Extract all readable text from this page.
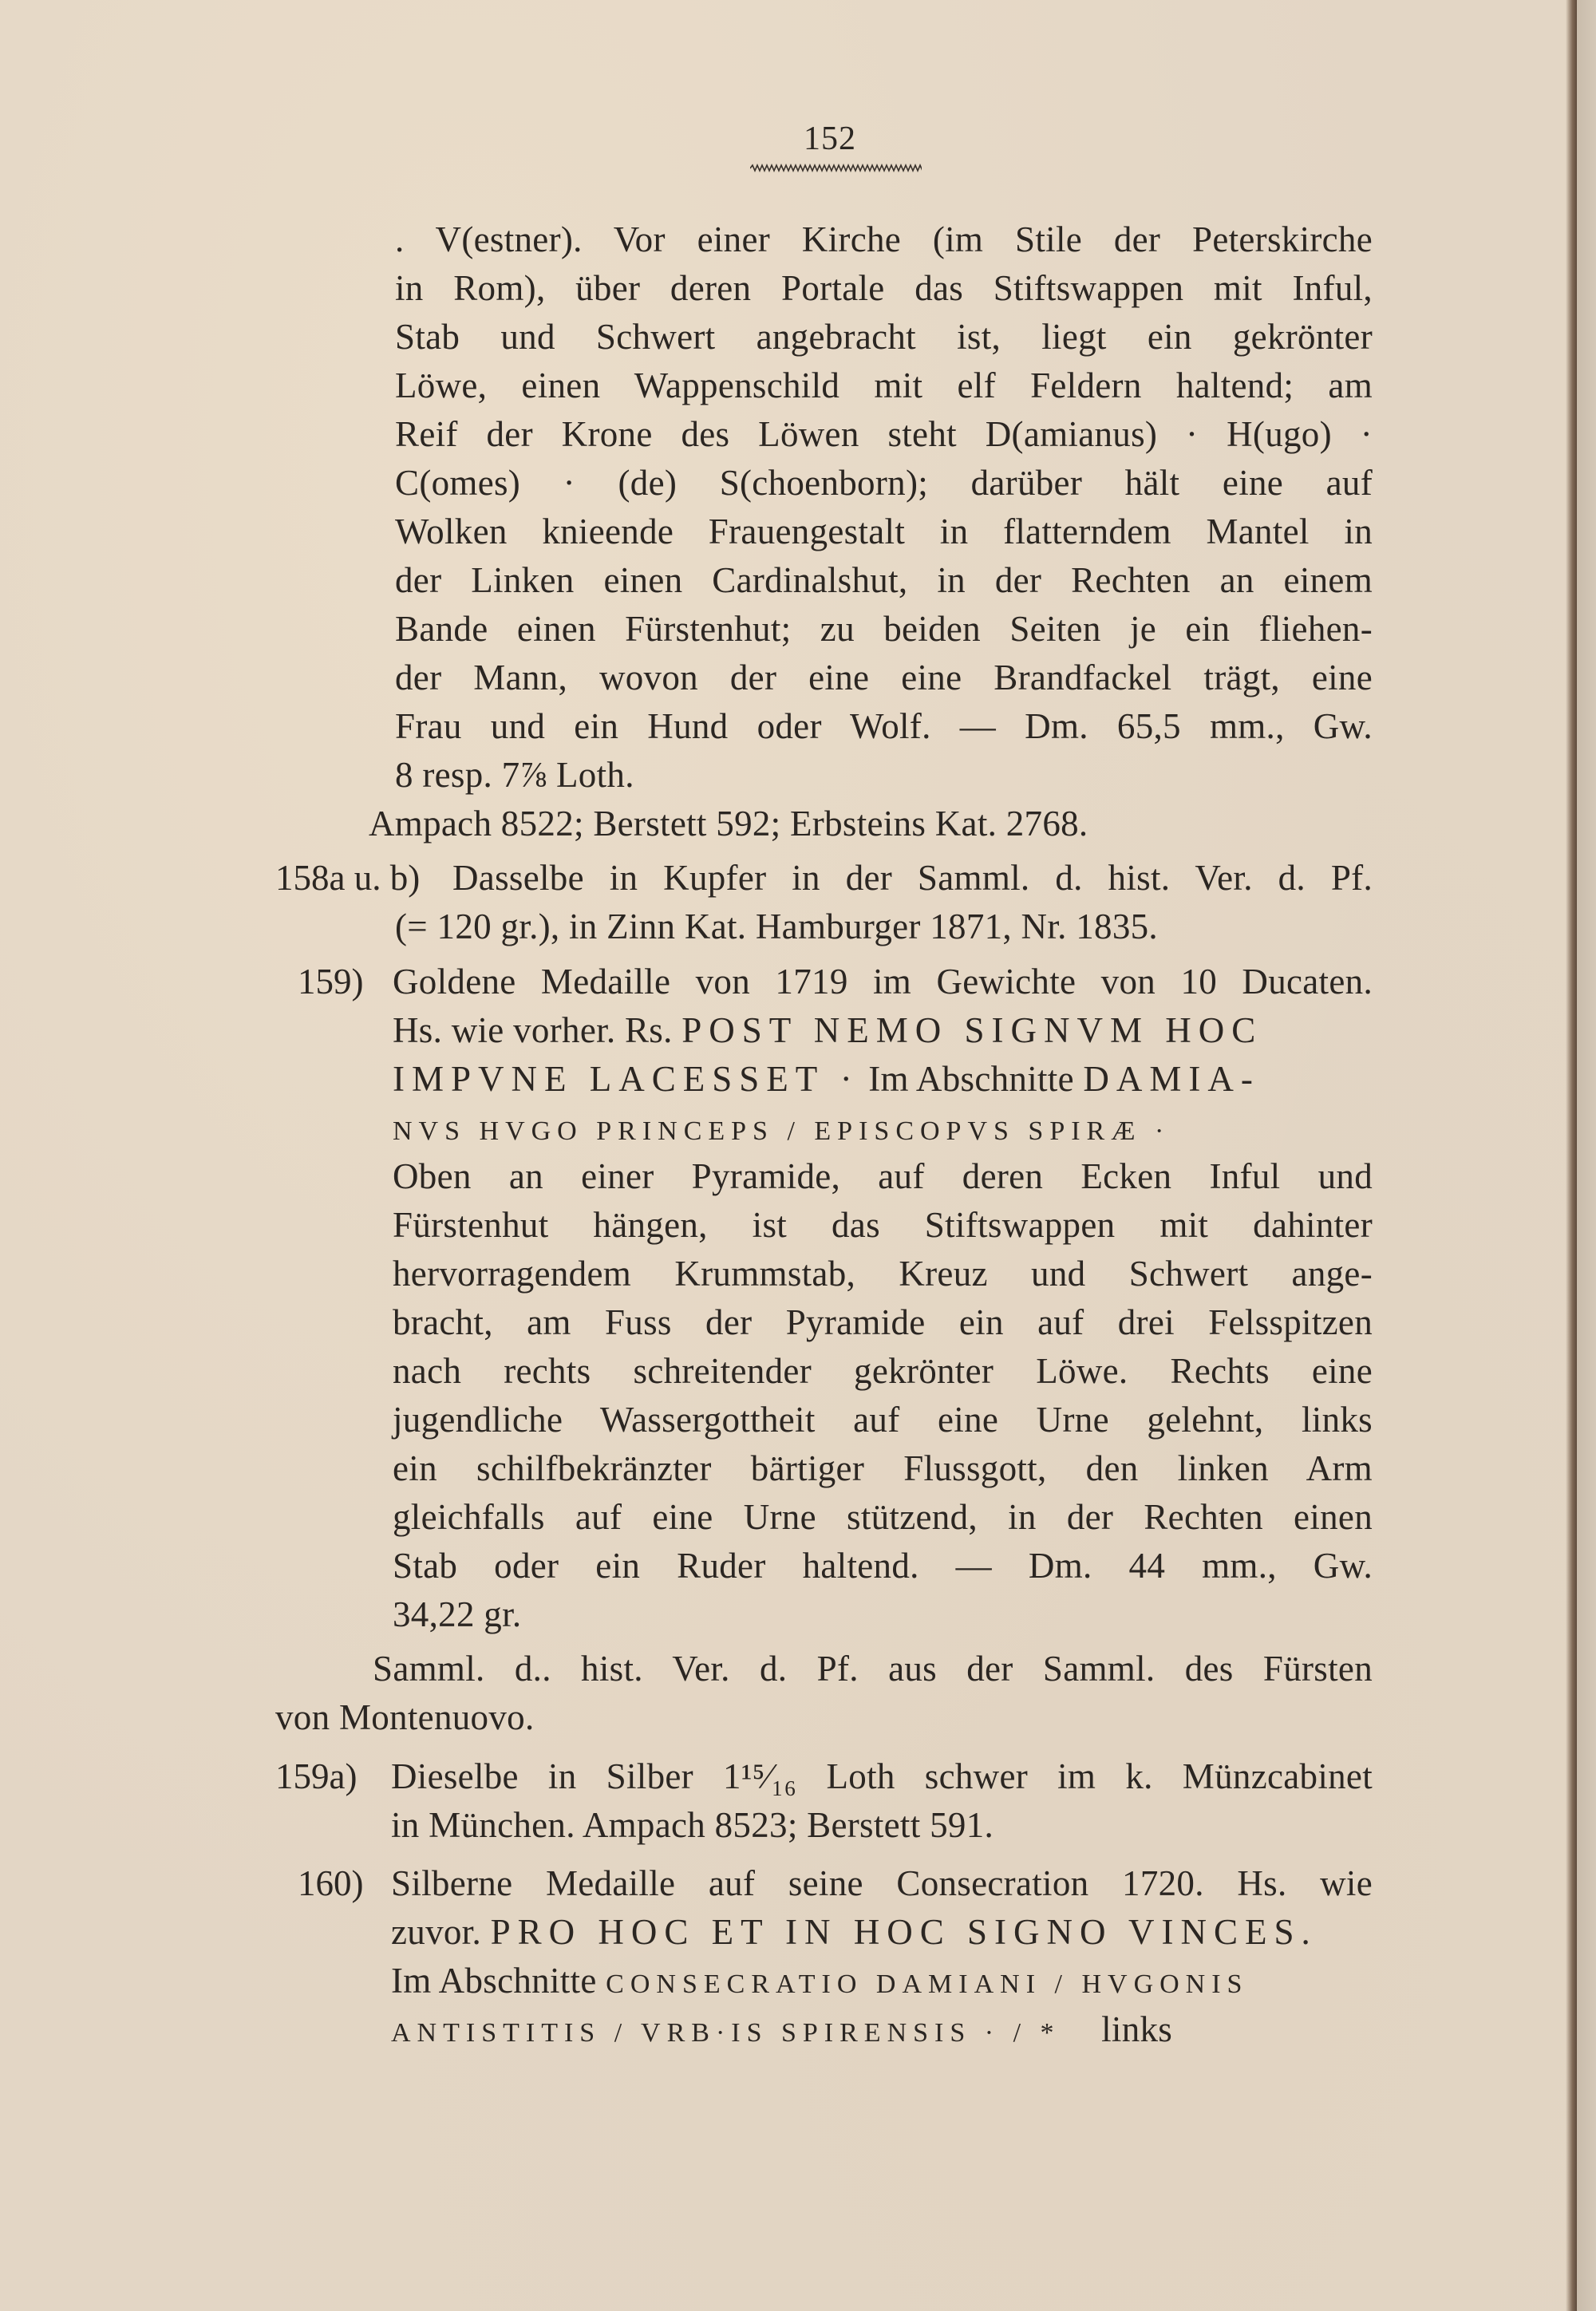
152
. V(estner). Vor einer Kirche (im Stile der Peterskirche
in Rom), über deren Portale das Stiftswappen mit Inful,
Stab und Schwert angebracht ist, liegt ein gekrönter
Löwe, einen Wappenschild mit elf Feldern haltend; am
Reif der Krone des Löwen steht D(amianus) · H(ugo) ·
C(omes) · (de) S(choenborn); darüber hält eine auf
Wolken knieende Frauengestalt in flatterndem Mantel in
der Linken einen Cardinalshut, in der Rechten an einem
Bande einen Fürstenhut; zu beiden Seiten je ein fliehen-
der Mann, wovon der eine eine Brandfackel trägt, eine
Frau und ein Hund oder Wolf. — Dm. 65,5 mm., Gw.
8 resp. 7⅞ Loth.
Ampach 8522; Berstett 592; Erbsteins Kat. 2768.
158a u. b) Dasselbe in Kupfer in der Samml. d. hist. Ver. d. Pf.
(= 120 gr.), in Zinn Kat. Hamburger 1871, Nr. 1835.
159) Goldene Medaille von 1719 im Gewichte von 10 Ducaten.
Hs. wie vorher. Rs. POST NEMO SIGNVM HOC
IMPVNE LACESSET · Im Abschnitte DAMIA-
NVS HVGO PRINCEPS / EPISCOPVS SPIRÆ ·
Oben an einer Pyramide, auf deren Ecken Inful und
Fürstenhut hängen, ist das Stiftswappen mit dahinter
hervorragendem Krummstab, Kreuz und Schwert ange-
bracht, am Fuss der Pyramide ein auf drei Felsspitzen
nach rechts schreitender gekrönter Löwe. Rechts eine
jugendliche Wassergottheit auf eine Urne gelehnt, links
ein schilfbekränzter bärtiger Flussgott, den linken Arm
gleichfalls auf eine Urne stützend, in der Rechten einen
Stab oder ein Ruder haltend. — Dm. 44 mm., Gw.
34,22 gr.
Samml. d.. hist. Ver. d. Pf. aus der Samml. des Fürsten
von Montenuovo.
159a) Dieselbe in Silber 1¹⁵⁄₁₆ Loth schwer im k. Münzcabinet
in München. Ampach 8523; Berstett 591.
160) Silberne Medaille auf seine Consecration 1720. Hs. wie
zuvor. PRO HOC ET IN HOC SIGNO VINCES.
Im Abschnitte CONSECRATIO DAMIANI / HVGONIS
ANTISTITIS / VRB·IS SPIRENSIS · / * links
